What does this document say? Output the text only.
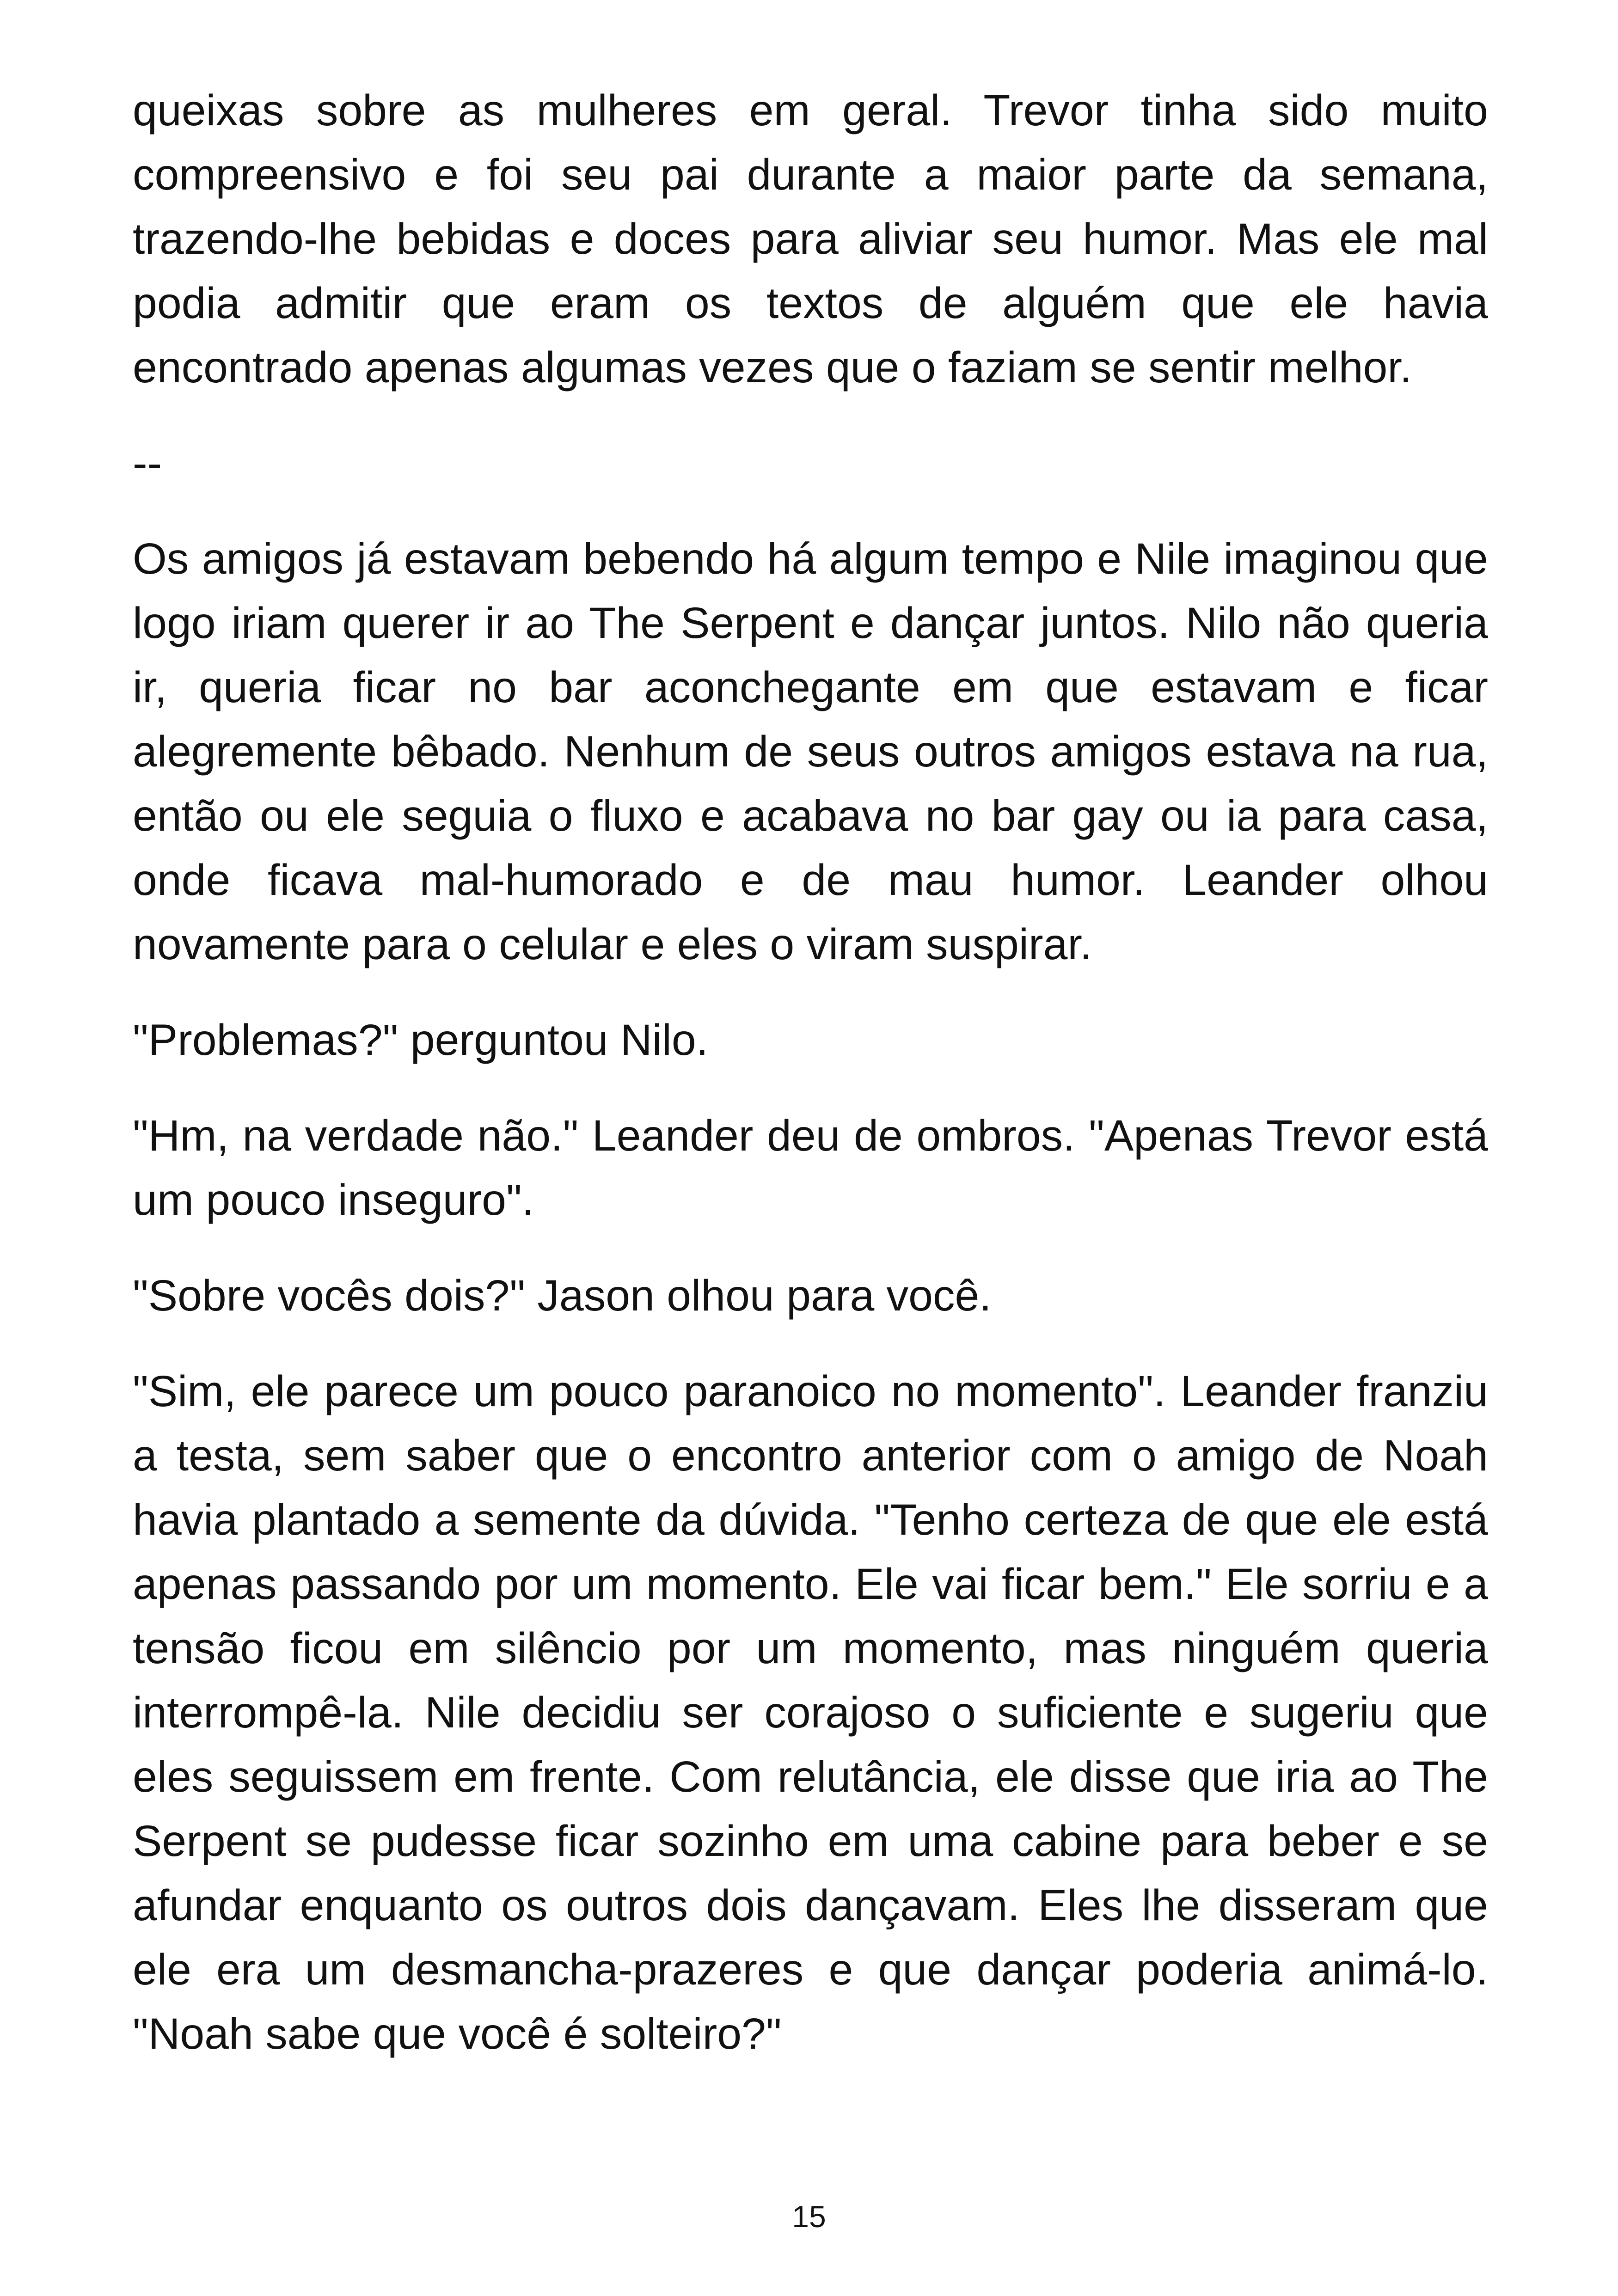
queixas sobre as mulheres em geral. Trevor tinha sido muito compreensivo e foi seu pai durante a maior parte da semana, trazendo-lhe bebidas e doces para aliviar seu humor. Mas ele mal podia admitir que eram os textos de alguém que ele havia encontrado apenas algumas vezes que o faziam se sentir melhor.

--

Os amigos já estavam bebendo há algum tempo e Nile imaginou que logo iriam querer ir ao The Serpent e dançar juntos. Nilo não queria ir, queria ficar no bar aconchegante em que estavam e ficar alegremente bêbado. Nenhum de seus outros amigos estava na rua, então ou ele seguia o fluxo e acabava no bar gay ou ia para casa, onde ficava mal-humorado e de mau humor. Leander olhou novamente para o celular e eles o viram suspirar.

"Problemas?" perguntou Nilo.

"Hm, na verdade não." Leander deu de ombros. "Apenas Trevor está um pouco inseguro".

"Sobre vocês dois?" Jason olhou para você.

"Sim, ele parece um pouco paranoico no momento". Leander franziu a testa, sem saber que o encontro anterior com o amigo de Noah havia plantado a semente da dúvida. "Tenho certeza de que ele está apenas passando por um momento. Ele vai ficar bem." Ele sorriu e a tensão ficou em silêncio por um momento, mas ninguém queria interrompê-la. Nile decidiu ser corajoso o suficiente e sugeriu que eles seguissem em frente. Com relutância, ele disse que iria ao The Serpent se pudesse ficar sozinho em uma cabine para beber e se afundar enquanto os outros dois dançavam. Eles lhe disseram que ele era um desmancha-prazeres e que dançar poderia animá-lo. "Noah sabe que você é solteiro?"

15
